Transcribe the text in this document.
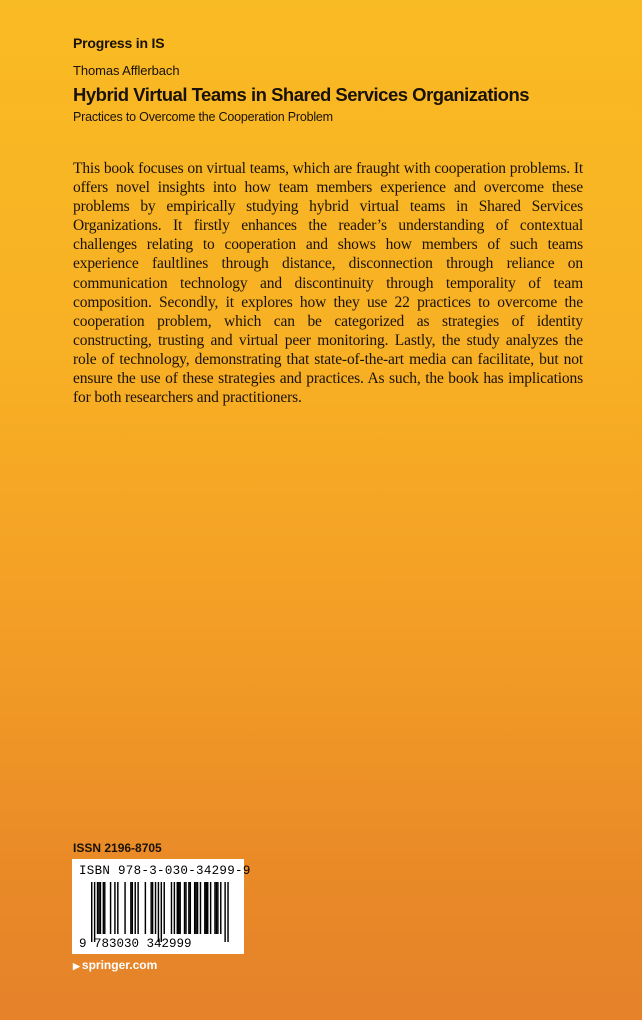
Progress in IS
Thomas Afflerbach
Hybrid Virtual Teams in Shared Services Organizations
Practices to Overcome the Cooperation Problem

This book focuses on virtual teams, which are fraught with cooperation problems. It offers novel insights into how team members experience and overcome these problems by empirically studying hybrid virtual teams in Shared Services Organizations. It firstly enhances the reader’s understanding of contextual challenges relating to cooperation and shows how members of such teams experience faultlines through distance, disconnection through reliance on communication technology and discontinuity through temporality of team composition. Secondly, it explores how they use 22 practices to overcome the cooperation problem, which can be categorized as strategies of identity constructing, trusting and virtual peer monitoring. Lastly, the study analyzes the role of technology, demonstrating that state-of-the-art media can facilitate, but not ensure the use of these strategies and practices. As such, the book has implications for both researchers and practitioners.

ISSN 2196-8705
9 783030 342999
ISBN 978-3-030-34299-9
▶ springer.com
